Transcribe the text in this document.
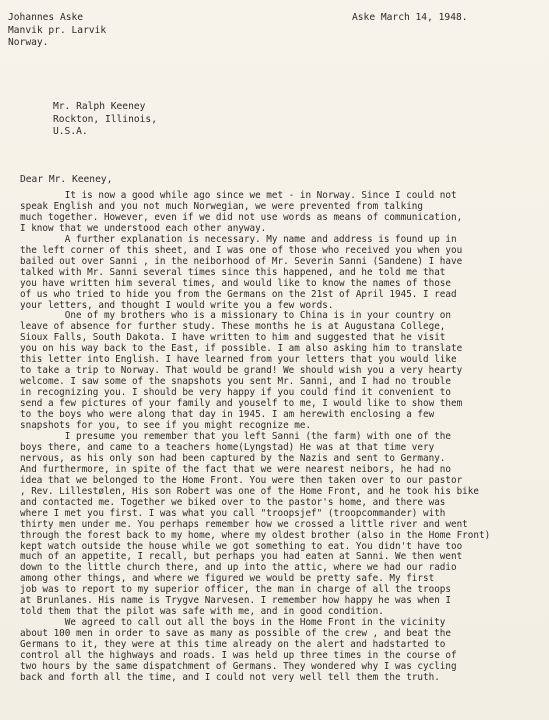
Johannes Aske
Manvik pr. Larvik
Norway.
Aske March 14, 1948.
Mr. Ralph Keeney
Rockton, Illinois,
U.S.A.
Dear Mr. Keeney,
It is now a good while ago since we met - in Norway. Since I could not
speak English and you not much Norwegian, we were prevented from talking
much together. However, even if we did not use words as means of communication,
I know that we understood each other anyway.
A further explanation is necessary. My name and address is found up in
the left corner of this sheet, and I was one of those who received you when you
bailed out over Sanni , in the neiborhood of Mr. Severin Sanni (Sandene) I have
talked with Mr. Sanni several times since this happened, and he told me that
you have written him several times, and would like to know the names of those
of us who tried to hide you from the Germans on the 21st of April 1945. I read
your letters, and thought I would write you a few words.
One of my brothers who is a missionary to China is in your country on
leave of absence for further study. These months he is at Augustana College,
Sioux Falls, South Dakota. I have written to him and suggested that he visit
you on his way back to the East, if possible. I am also asking him to translate
this letter into English. I have learned from your letters that you would like
to take a trip to Norway. That would be grand! We should wish you a very hearty
welcome. I saw some of the snapshots you sent Mr. Sanni, and I had no trouble
in recognizing you. I should be very happy if you could find it convenient to
send a few pictures of your family and youself to me, I would like to show them
to the boys who were along that day in 1945. I am herewith enclosing a few
snapshots for you, to see if you might recognize me.
I presume you remember that you left Sanni (the farm) with one of the
boys there, and came to a teachers home(Lyngstad) He was at that time very
nervous, as his only son had been captured by the Nazis and sent to Germany.
And furthermore, in spite of the fact that we were nearest neibors, he had no
idea that we belonged to the Home Front. You were then taken over to our pastor
, Rev. Lillestølen, His son Robert was one of the Home Front, and he took his bike
and contacted me. Together we biked over to the pastor's home, and there was
where I met you first. I was what you call "troopsjef" (troopcommander) with
thirty men under me. You perhaps remember how we crossed a little river and went
through the forest back to my home, where my oldest brother (also in the Home Front)
kept watch outside the house while we got something to eat. You didn't have too
much of an appetite, I recall, but perhaps you had eaten at Sanni. We then went
down to the little church there, and up into the attic, where we had our radio
among other things, and where we figured we would be pretty safe. My first
job was to report to my superior officer, the man in charge of all the troops
at Brunlanes. His name is Trygve Narvesen. I remember how happy he was when I
told them that the pilot was safe with me, and in good condition.
We agreed to call out all the boys in the Home Front in the vicinity
about 100 men in order to save as many as possible of the crew , and beat the
Germans to it, they were at this time already on the alert and hadstarted to
control all the highways and roads. I was held up three times in the course of
two hours by the same dispatchment of Germans. They wondered why I was cycling
back and forth all the time, and I could not very well tell them the truth.
